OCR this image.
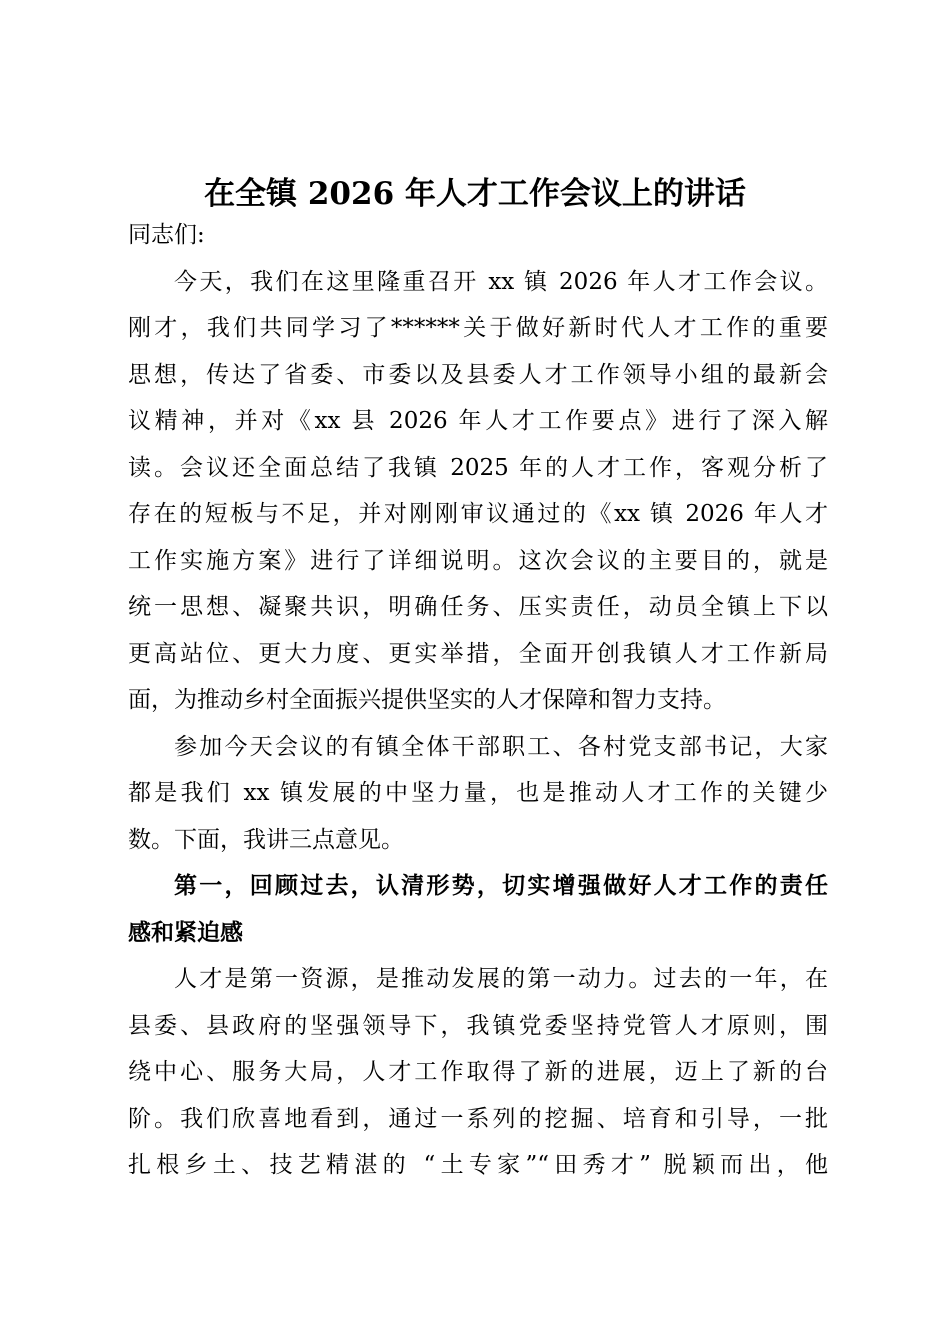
在全镇 2026 年人才工作会议上的讲话
同志们:
今天，我们在这里隆重召开 xx 镇 2026 年人才工作会议。
刚才，我们共同学习了******关于做好新时代人才工作的重要
思想，传达了省委、市委以及县委人才工作领导小组的最新会
议精神，并对《xx 县 2026 年人才工作要点》进行了深入解
读。会议还全面总结了我镇 2025 年的人才工作，客观分析了
存在的短板与不足，并对刚刚审议通过的《xx 镇 2026 年人才
工作实施方案》进行了详细说明。这次会议的主要目的，就是
统一思想、凝聚共识，明确任务、压实责任，动员全镇上下以
更高站位、更大力度、更实举措，全面开创我镇人才工作新局
面，为推动乡村全面振兴提供坚实的人才保障和智力支持。
参加今天会议的有镇全体干部职工、各村党支部书记，大家
都是我们 xx 镇发展的中坚力量，也是推动人才工作的关键少
数。下面，我讲三点意见。
第一，回顾过去，认清形势，切实增强做好人才工作的责任
感和紧迫感
人才是第一资源，是推动发展的第一动力。过去的一年，在
县委、县政府的坚强领导下，我镇党委坚持党管人才原则，围
绕中心、服务大局，人才工作取得了新的进展，迈上了新的台
阶。我们欣喜地看到，通过一系列的挖掘、培育和引导，一批
扎根乡土、技艺精湛的 “土专家”“田秀才” 脱颖而出，他
